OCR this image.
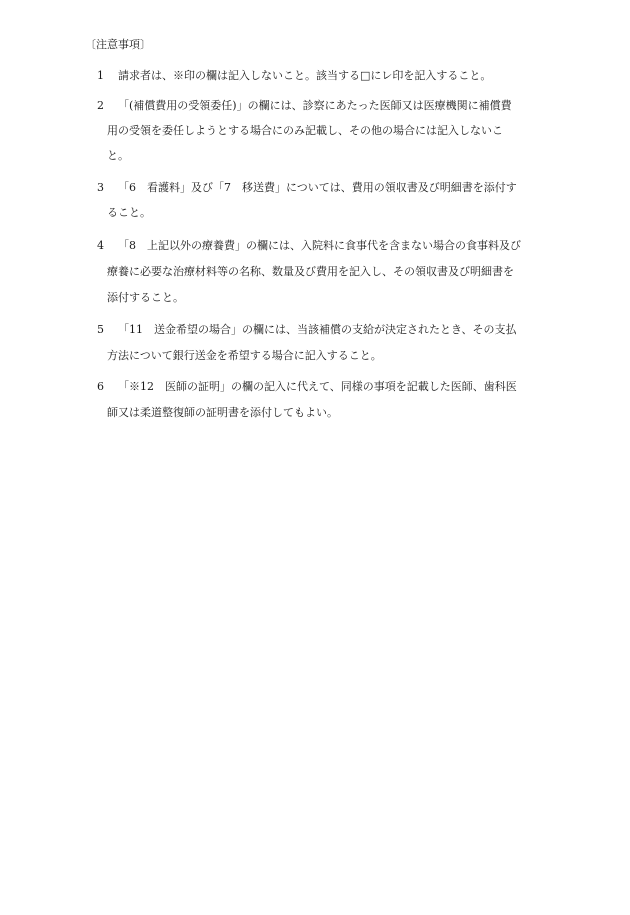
〔注意事項〕
1 請求者は、※印の欄は記入しないこと。該当する□にレ印を記入すること。
2 「(補償費用の受領委任)」の欄には、診察にあたった医師又は医療機関に補償費
用の受領を委任しようとする場合にのみ記載し、その他の場合には記入しないこ
と。
3 「6　看護料」及び「7　移送費」については、費用の領収書及び明細書を添付す
ること。
4 「8　上記以外の療養費」の欄には、入院料に食事代を含まない場合の食事料及び
療養に必要な治療材料等の名称、数量及び費用を記入し、その領収書及び明細書を
添付すること。
5 「11　送金希望の場合」の欄には、当該補償の支給が決定されたとき、その支払
方法について銀行送金を希望する場合に記入すること。
6 「※12　医師の証明」の欄の記入に代えて、同様の事項を記載した医師、歯科医
師又は柔道整復師の証明書を添付してもよい。
